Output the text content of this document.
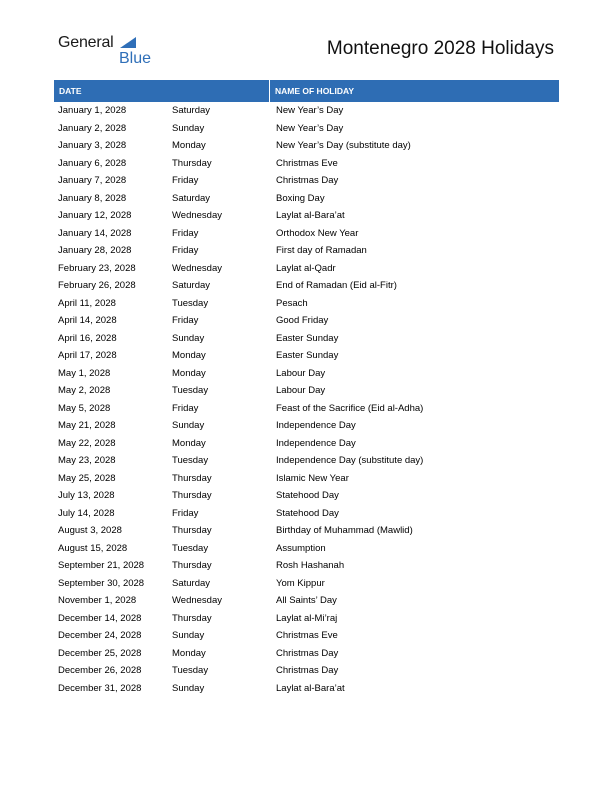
General
Blue	Montenegro 2028 Holidays
DATE	NAME OF HOLIDAY
January 1, 2028	Saturday	New Year’s Day
January 2, 2028	Sunday	New Year’s Day
January 3, 2028	Monday	New Year’s Day (substitute day)
January 6, 2028	Thursday	Christmas Eve
January 7, 2028	Friday	Christmas Day
January 8, 2028	Saturday	Boxing Day
January 12, 2028	Wednesday	Laylat al-Bara’at
January 14, 2028	Friday	Orthodox New Year
January 28, 2028	Friday	First day of Ramadan
February 23, 2028	Wednesday	Laylat al-Qadr
February 26, 2028	Saturday	End of Ramadan (Eid al-Fitr)
April 11, 2028	Tuesday	Pesach
April 14, 2028	Friday	Good Friday
April 16, 2028	Sunday	Easter Sunday
April 17, 2028	Monday	Easter Sunday
May 1, 2028	Monday	Labour Day
May 2, 2028	Tuesday	Labour Day
May 5, 2028	Friday	Feast of the Sacrifice (Eid al-Adha)
May 21, 2028	Sunday	Independence Day
May 22, 2028	Monday	Independence Day
May 23, 2028	Tuesday	Independence Day (substitute day)
May 25, 2028	Thursday	Islamic New Year
July 13, 2028	Thursday	Statehood Day
July 14, 2028	Friday	Statehood Day
August 3, 2028	Thursday	Birthday of Muhammad (Mawlid)
August 15, 2028	Tuesday	Assumption
September 21, 2028	Thursday	Rosh Hashanah
September 30, 2028	Saturday	Yom Kippur
November 1, 2028	Wednesday	All Saints’ Day
December 14, 2028	Thursday	Laylat al-Mi’raj
December 24, 2028	Sunday	Christmas Eve
December 25, 2028	Monday	Christmas Day
December 26, 2028	Tuesday	Christmas Day
December 31, 2028	Sunday	Laylat al-Bara’at
